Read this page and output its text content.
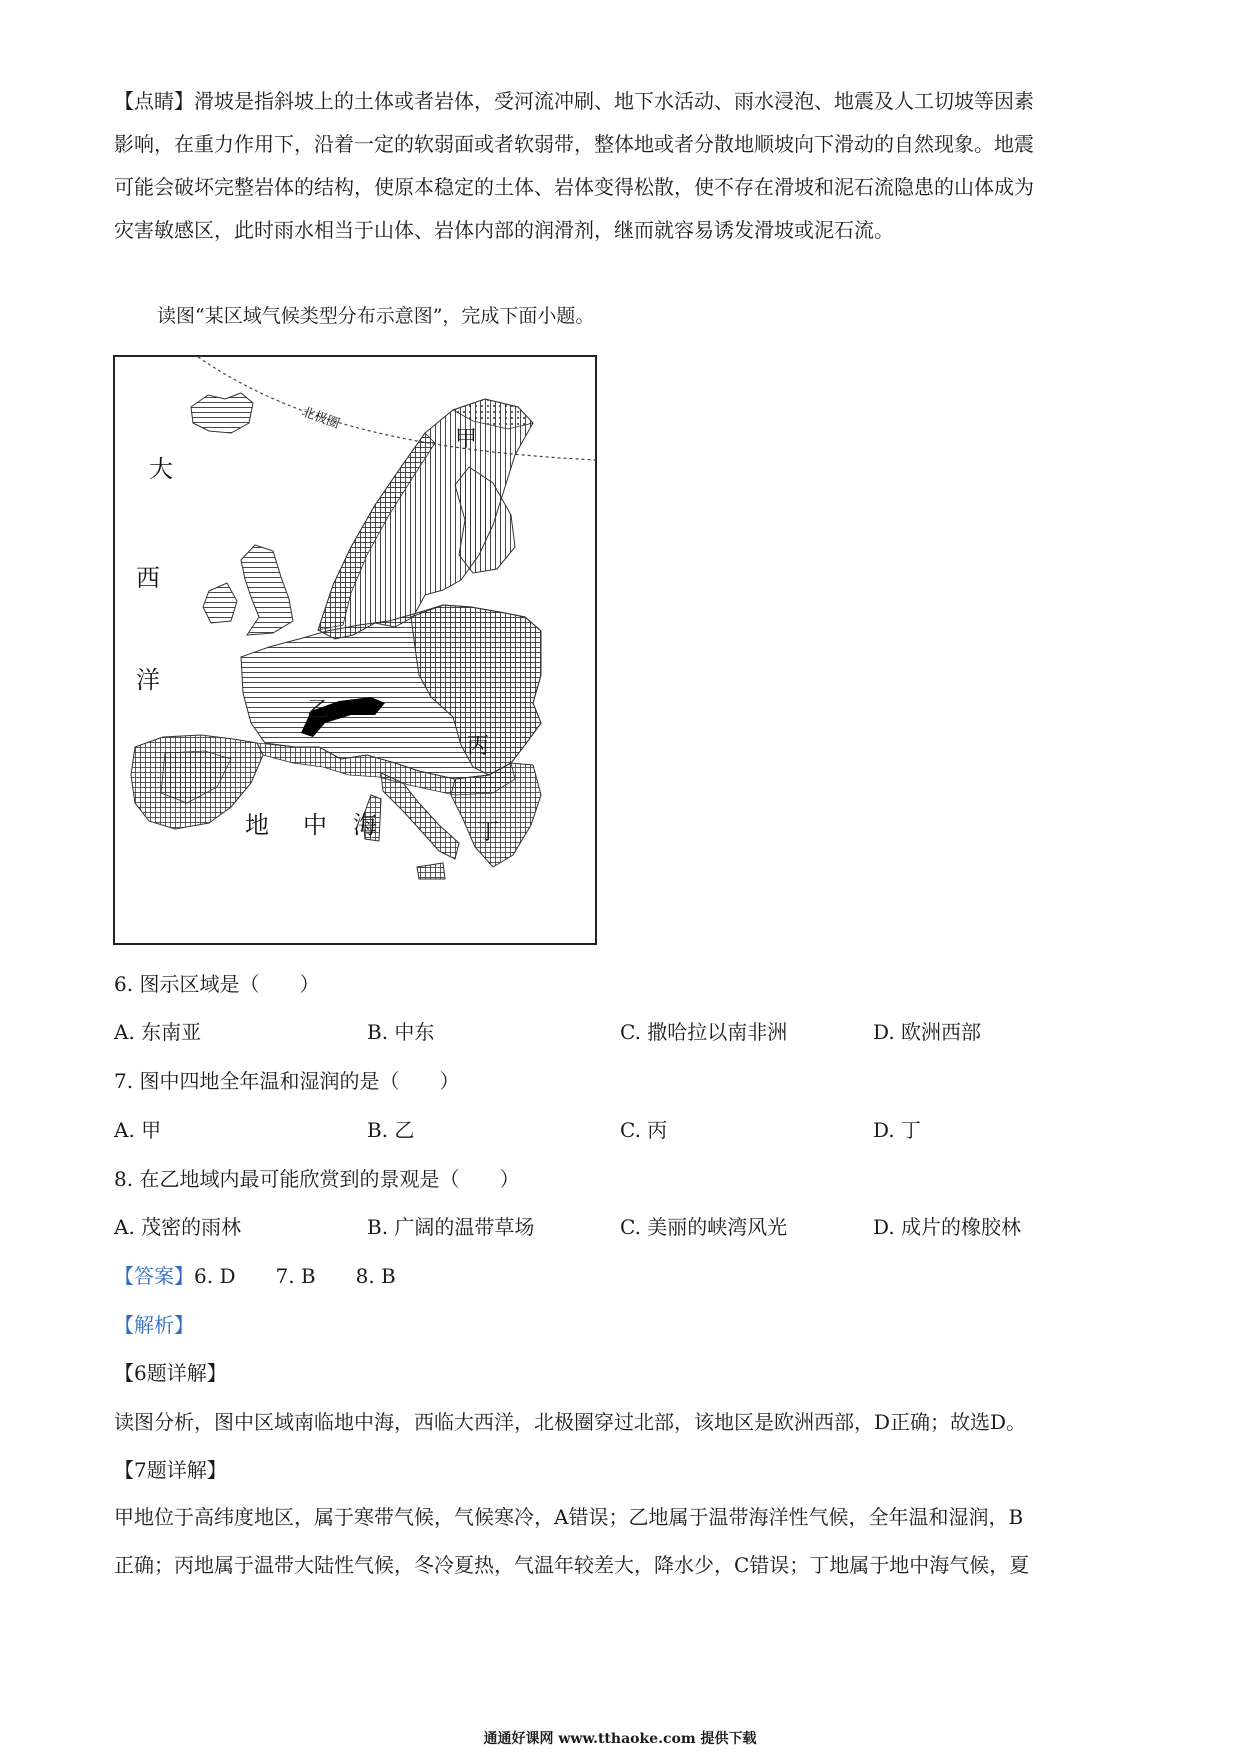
【点睛】滑坡是指斜坡上的土体或者岩体，受河流冲刷、地下水活动、雨水浸泡、地震及人工切坡等因素
影响，在重力作用下，沿着一定的软弱面或者软弱带，整体地或者分散地顺坡向下滑动的自然现象。地震
可能会破坏完整岩体的结构，使原本稳定的土体、岩体变得松散，使不存在滑坡和泥石流隐患的山体成为
灾害敏感区，此时雨水相当于山体、岩体内部的润滑剂，继而就容易诱发滑坡或泥石流。
读图“某区域气候类型分布示意图”，完成下面小题。
大
西
洋
甲
乙
丙
丁
地 中 海
北极圈
6. 图示区域是（　　）
A. 东南亚	B. 中东	C. 撒哈拉以南非洲	D. 欧洲西部
7. 图中四地全年温和湿润的是（　　）
A. 甲	B. 乙	C. 丙	D. 丁
8. 在乙地域内最可能欣赏到的景观是（　　）
A. 茂密的雨林	B. 广阔的温带草场	C. 美丽的峡湾风光	D. 成片的橡胶林
【答案】6. D　　7. B　　8. B
【解析】
【6题详解】
读图分析，图中区域南临地中海，西临大西洋，北极圈穿过北部，该地区是欧洲西部，D正确；故选D。
【7题详解】
甲地位于高纬度地区，属于寒带气候，气候寒冷，A错误；乙地属于温带海洋性气候，全年温和湿润，B
正确；丙地属于温带大陆性气候，冬冷夏热，气温年较差大，降水少，C错误；丁地属于地中海气候，夏
通通好课网 www.tthaoke.com 提供下载
